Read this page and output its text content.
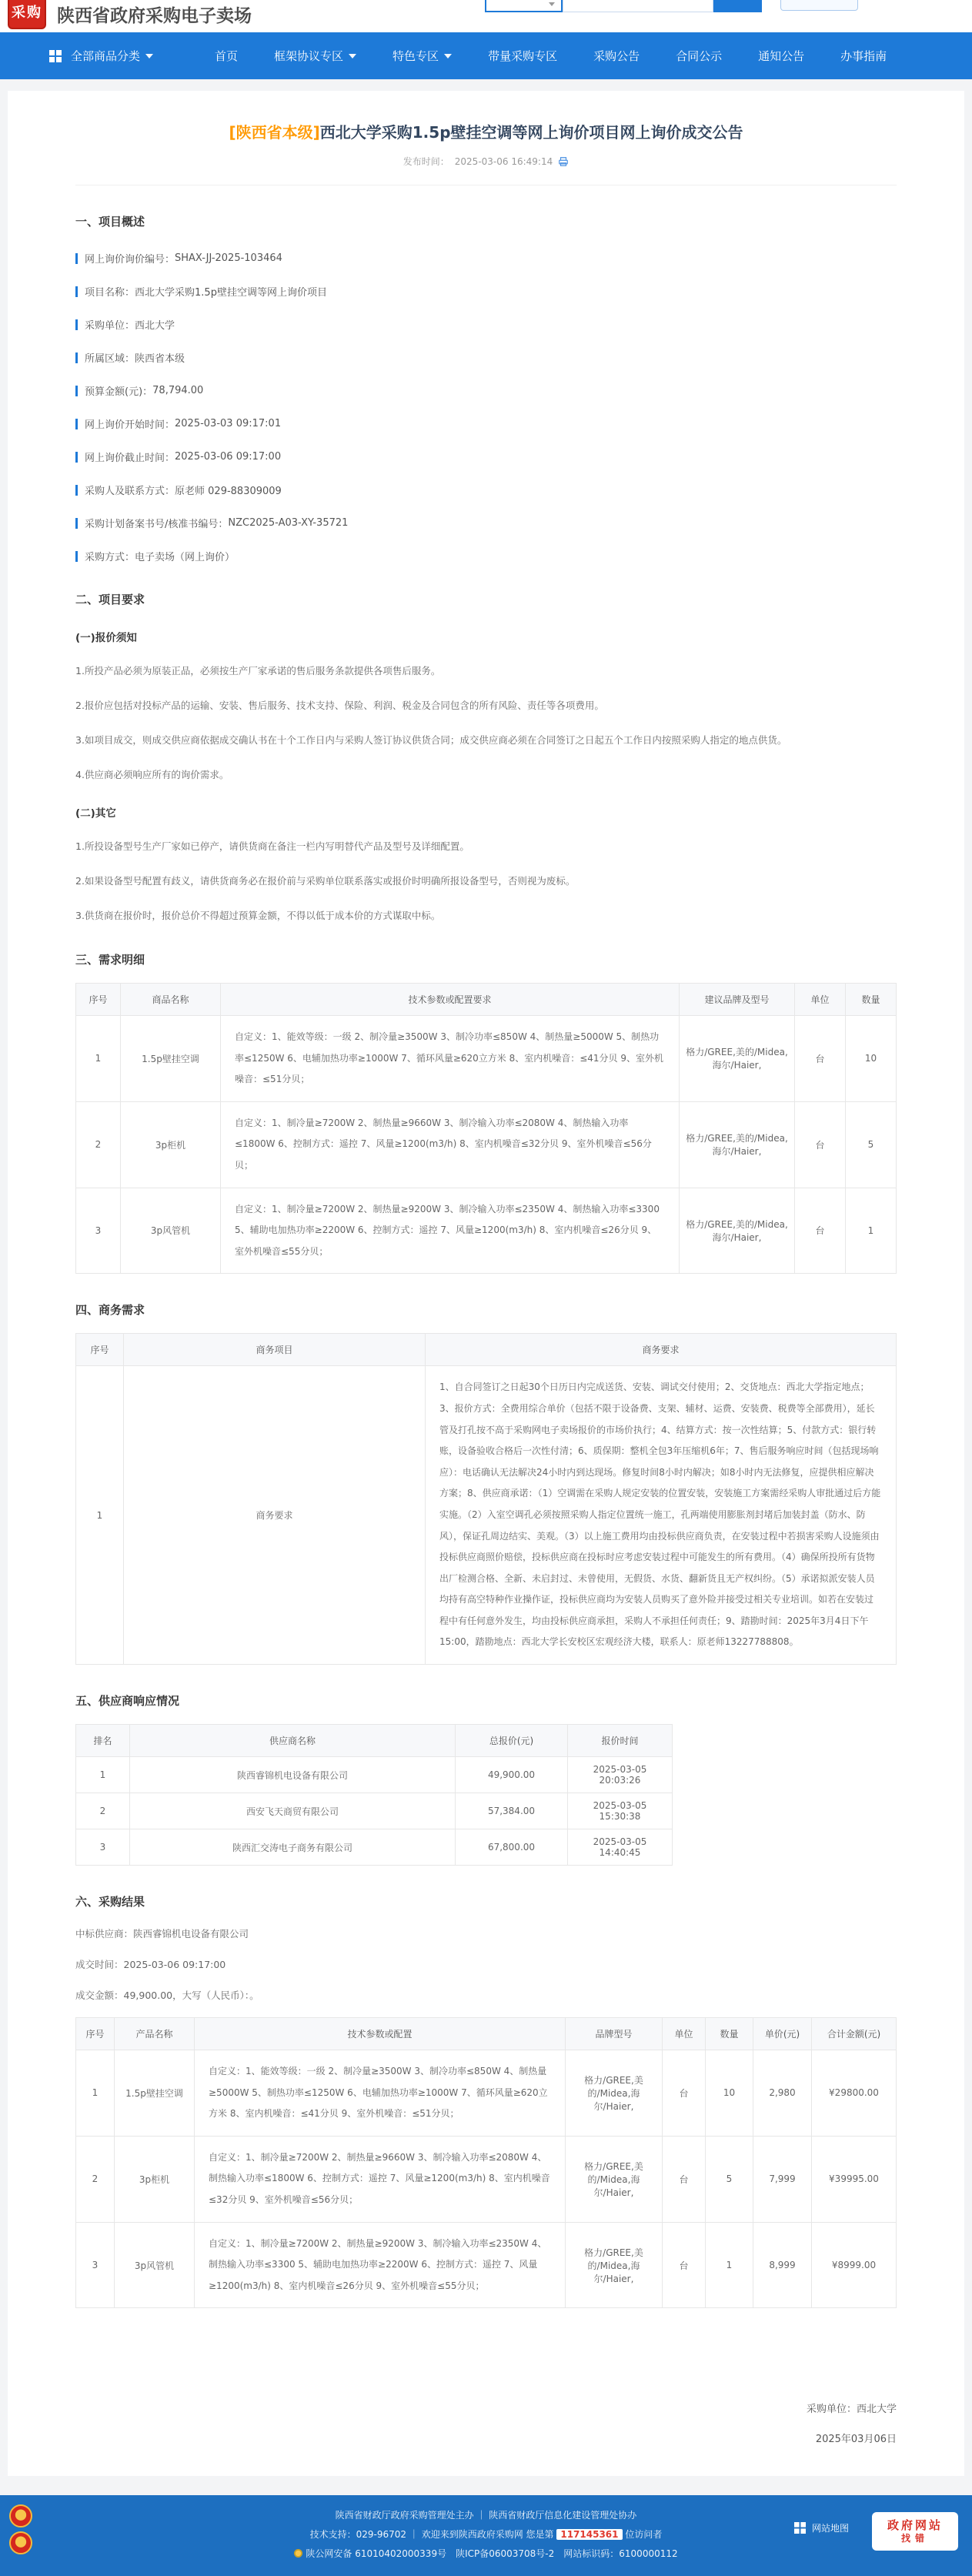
采购 陕西省政府采购电子卖场
全部商品分类	首页	框架协议专区	特色专区	带量采购专区	采购公告	合同公示	通知公告	办事指南
[陕西省本级]西北大学采购1.5p壁挂空调等网上询价项目网上询价成交公告
发布时间： 2025-03-06 16:49:14
一、项目概述
网上询价询价编号： SHAX-JJ-2025-103464
项目名称： 西北大学采购1.5p壁挂空调等网上询价项目
采购单位： 西北大学
所属区域： 陕西省本级
预算金额(元)： 78,794.00
网上询价开始时间： 2025-03-03 09:17:01
网上询价截止时间： 2025-03-06 09:17:00
采购人及联系方式： 原老师 029-88309009
采购计划备案书号/核准书编号： NZC2025-A03-XY-35721
采购方式： 电子卖场（网上询价）
二、项目要求
(一)报价须知

1.所投产品必须为原装正品，必须按生产厂家承诺的售后服务条款提供各项售后服务。

2.报价应包括对投标产品的运输、安装、售后服务、技术支持、保险、利润、税金及合同包含的所有风险、责任等各项费用。

3.如项目成交，则成交供应商依据成交确认书在十个工作日内与采购人签订协议供货合同；成交供应商必须在合同签订之日起五个工作日内按照采购人指定的地点供货。

4.供应商必须响应所有的询价需求。

(二)其它

1.所投设备型号生产厂家如已停产，请供货商在备注一栏内写明替代产品及型号及详细配置。

2.如果设备型号配置有歧义，请供货商务必在报价前与采购单位联系落实或报价时明确所报设备型号，否则视为废标。

3.供货商在报价时，报价总价不得超过预算金额，不得以低于成本价的方式谋取中标。

三、需求明细
序号	商品名称	技术参数或配置要求	建议品牌及型号	单位	数量
1	1.5p壁挂空调	自定义：1、能效等级：一级 2、制冷量≥3500W 3、制冷功率≤850W 4、制热量≥5000W 5、制热功率≤1250W 6、电辅加热功率≥1000W 7、循环风量≥620立方米 8、室内机噪音：≤41分贝 9、室外机噪音：≤51分贝；	格力/GREE,美的/Midea,海尔/Haier,	台	10
2	3p柜机	自定义：1、制冷量≥7200W 2、制热量≥9660W 3、制冷输入功率≤2080W 4、制热输入功率≤1800W 6、控制方式：遥控 7、风量≥1200(m3/h) 8、室内机噪音≤32分贝 9、室外机噪音≤56分贝；	格力/GREE,美的/Midea,海尔/Haier,	台	5
3	3p风管机	自定义：1、制冷量≥7200W 2、制热量≥9200W 3、制冷输入功率≤2350W 4、制热输入功率≤3300 5、辅助电加热功率≥2200W 6、控制方式：遥控 7、风量≥1200(m3/h) 8、室内机噪音≤26分贝 9、室外机噪音≤55分贝；	格力/GREE,美的/Midea,海尔/Haier,	台	1
四、商务需求
序号	商务项目	商务要求
1	商务要求	1、自合同签订之日起30个日历日内完成送货、安装、调试交付使用；2、交货地点：西北大学指定地点；3、报价方式：全费用综合单价（包括不限于设备费、支架、辅材、运费、安装费、税费等全部费用），延长管及打孔按不高于采购网电子卖场报价的市场价执行；4、结算方式：按一次性结算；5、付款方式：银行转账，设备验收合格后一次性付清；6、质保期：整机全包3年压缩机6年；7、售后服务响应时间（包括现场响应）：电话确认无法解决24小时内到达现场。修复时间8小时内解决；如8小时内无法修复，应提供相应解决方案；8、供应商承诺：（1）空调需在采购人规定安装的位置安装，安装施工方案需经采购人审批通过后方能实施。（2）入室空调孔必须按照采购人指定位置统一施工，孔两端使用膨胀剂封堵后加装封盖（防水、防风），保证孔周边结实、美观。（3）以上施工费用均由投标供应商负责，在安装过程中若损害采购人设施须由投标供应商照价赔偿，投标供应商在投标时应考虑安装过程中可能发生的所有费用。（4）确保所投所有货物出厂检测合格、全新、未启封过、未曾使用，无假货、水货、翻新货且无产权纠纷。（5）承诺拟派安装人员均持有高空特种作业操作证，投标供应商均为安装人员购买了意外险并接受过相关专业培训。如若在安装过程中有任何意外发生，均由投标供应商承担，采购人不承担任何责任；9、踏勘时间：2025年3月4日下午15:00，踏勘地点：西北大学长安校区宏观经济大楼，联系人：原老师13227788808。
五、供应商响应情况
排名	供应商名称	总报价(元)	报价时间
1	陕西睿锦机电设备有限公司	49,900.00	2025-03-05 20:03:26
2	西安飞天商贸有限公司	57,384.00	2025-03-05 15:30:38
3	陕西汇交涛电子商务有限公司	67,800.00	2025-03-05 14:40:45
六、采购结果

中标供应商：陕西睿锦机电设备有限公司

成交时间：2025-03-06 09:17:00

成交金额：49,900.00，大写（人民币）：。

序号	产品名称	技术参数或配置	品牌型号	单位	数量	单价(元)	合计金额(元)
1	1.5p壁挂空调	自定义：1、能效等级：一级 2、制冷量≥3500W 3、制冷功率≤850W 4、制热量≥5000W 5、制热功率≤1250W 6、电辅加热功率≥1000W 7、循环风量≥620立方米 8、室内机噪音：≤41分贝 9、室外机噪音：≤51分贝；	格力/GREE,美的/Midea,海尔/Haier,	台	10	2,980	¥29800.00
2	3p柜机	自定义：1、制冷量≥7200W 2、制热量≥9660W 3、制冷输入功率≤2080W 4、制热输入功率≤1800W 6、控制方式：遥控 7、风量≥1200(m3/h) 8、室内机噪音≤32分贝 9、室外机噪音≤56分贝；	格力/GREE,美的/Midea,海尔/Haier,	台	5	7,999	¥39995.00
3	3p风管机	自定义：1、制冷量≥7200W 2、制热量≥9200W 3、制冷输入功率≤2350W 4、制热输入功率≤3300 5、辅助电加热功率≥2200W 6、控制方式：遥控 7、风量≥1200(m3/h) 8、室内机噪音≤26分贝 9、室外机噪音≤55分贝；	格力/GREE,美的/Midea,海尔/Haier,	台	1	8,999	¥8999.00
采购单位：西北大学
2025年03月06日
陕西省财政厅政府采购管理处主办 ｜ 陕西省财政厅信息化建设管理处协办
技术支持：029-96702 ｜ 欢迎来到陕西政府采购网 您是第 117145361 位访问者
陕公网安备 61010402000339号　陕ICP备06003708号-2　网站标识码：6100000112
网站地图	政府网站
找错
